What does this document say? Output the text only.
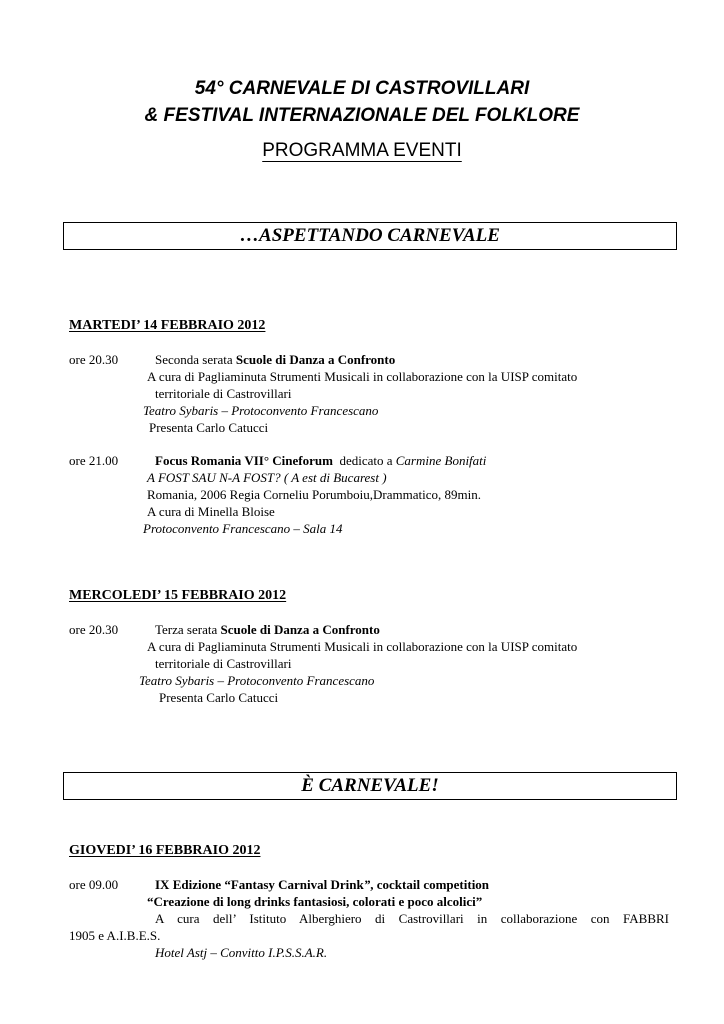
54° CARNEVALE DI CASTROVILLARI
& FESTIVAL INTERNAZIONALE DEL FOLKLORE
PROGRAMMA EVENTI
…ASPETTANDO CARNEVALE
MARTEDI’ 14 FEBBRAIO 2012
ore 20.30	Seconda serata Scuole di Danza a Confronto
A cura di Pagliaminuta Strumenti Musicali in collaborazione con la UISP comitato
territoriale di Castrovillari
Teatro Sybaris – Protoconvento Francescano
Presenta Carlo Catucci
ore 21.00	Focus Romania VII° Cineforum  dedicato a Carmine Bonifati
A FOST SAU N-A FOST? ( A est di Bucarest )
Romania, 2006 Regia Corneliu Porumboiu,Drammatico, 89min.
A cura di Minella Bloise
Protoconvento Francescano – Sala 14
MERCOLEDI’ 15 FEBBRAIO 2012
ore 20.30	Terza serata Scuole di Danza a Confronto
A cura di Pagliaminuta Strumenti Musicali in collaborazione con la UISP comitato
territoriale di Castrovillari
Teatro Sybaris – Protoconvento Francescano
Presenta Carlo Catucci
È CARNEVALE!
GIOVEDI’ 16 FEBBRAIO 2012
ore 09.00	IX Edizione “Fantasy Carnival Drink”, cocktail competition
“Creazione di long drinks fantasiosi, colorati e poco alcolici”
A cura dell’ Istituto Alberghiero di Castrovillari in collaborazione con FABBRI
1905 e A.I.B.E.S.
Hotel Astj – Convitto I.P.S.S.A.R.
